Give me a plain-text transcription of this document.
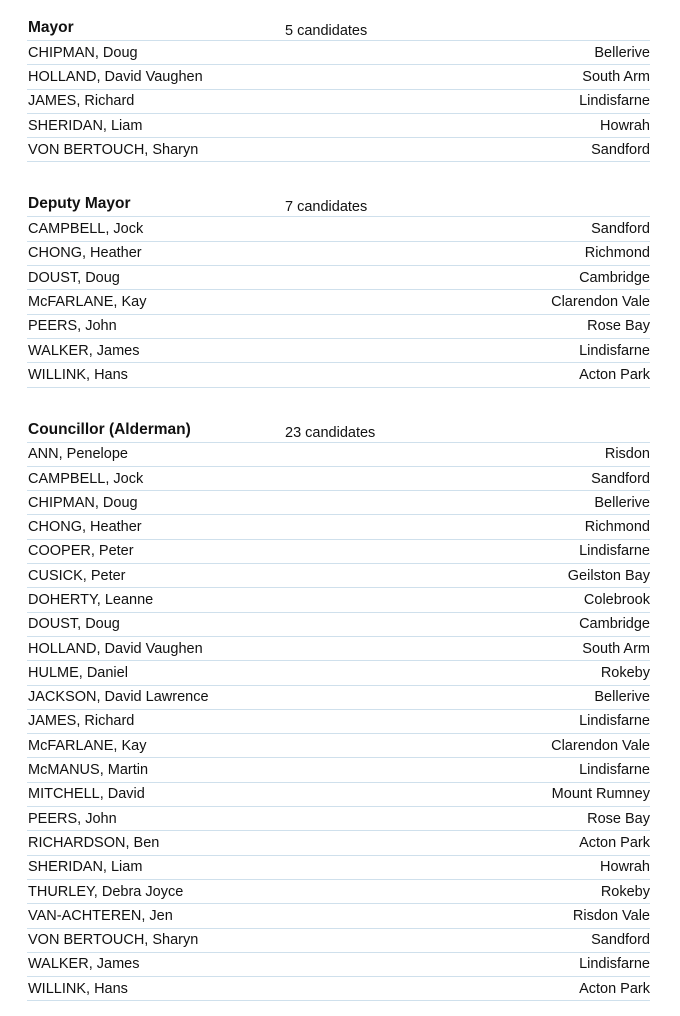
Mayor	5 candidates
CHIPMAN, Doug	Bellerive
HOLLAND, David Vaughen	South Arm
JAMES, Richard	Lindisfarne
SHERIDAN, Liam	Howrah
VON BERTOUCH, Sharyn	Sandford
Deputy Mayor	7 candidates
CAMPBELL, Jock	Sandford
CHONG, Heather	Richmond
DOUST, Doug	Cambridge
McFARLANE, Kay	Clarendon Vale
PEERS, John	Rose Bay
WALKER, James	Lindisfarne
WILLINK, Hans	Acton Park
Councillor (Alderman)	23 candidates
ANN, Penelope	Risdon
CAMPBELL, Jock	Sandford
CHIPMAN, Doug	Bellerive
CHONG, Heather	Richmond
COOPER, Peter	Lindisfarne
CUSICK, Peter	Geilston Bay
DOHERTY, Leanne	Colebrook
DOUST, Doug	Cambridge
HOLLAND, David Vaughen	South Arm
HULME, Daniel	Rokeby
JACKSON, David Lawrence	Bellerive
JAMES, Richard	Lindisfarne
McFARLANE, Kay	Clarendon Vale
McMANUS, Martin	Lindisfarne
MITCHELL, David	Mount Rumney
PEERS, John	Rose Bay
RICHARDSON, Ben	Acton Park
SHERIDAN, Liam	Howrah
THURLEY, Debra Joyce	Rokeby
VAN-ACHTEREN, Jen	Risdon Vale
VON BERTOUCH, Sharyn	Sandford
WALKER, James	Lindisfarne
WILLINK, Hans	Acton Park
